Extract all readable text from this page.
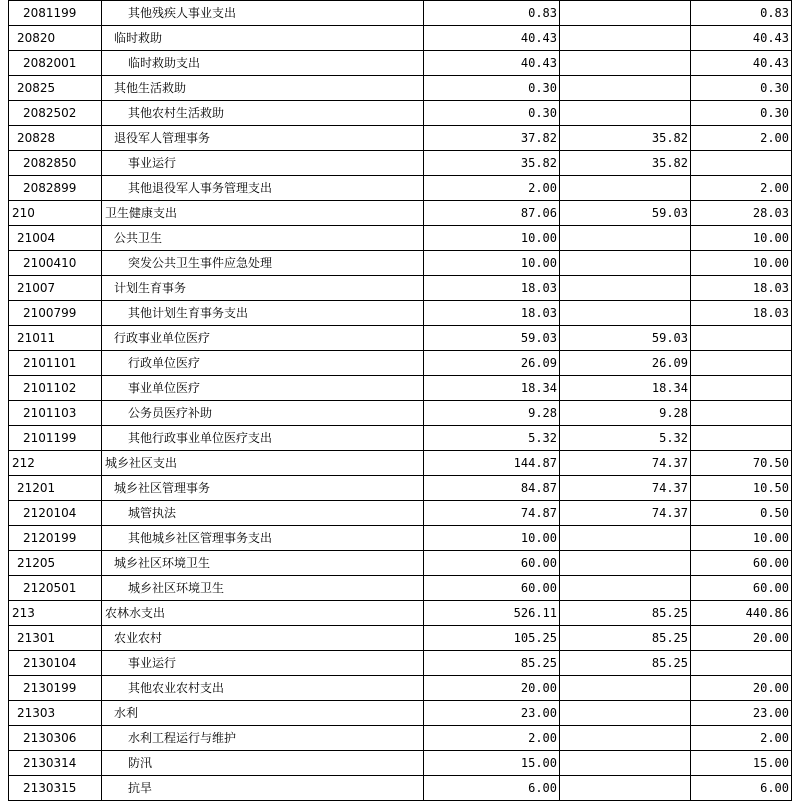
2081199	其他残疾人事业支出	0.83		0.83
20820	临时救助	40.43		40.43
2082001	临时救助支出	40.43		40.43
20825	其他生活救助	0.30		0.30
2082502	其他农村生活救助	0.30		0.30
20828	退役军人管理事务	37.82	35.82	2.00
2082850	事业运行	35.82	35.82	
2082899	其他退役军人事务管理支出	2.00		2.00
210	卫生健康支出	87.06	59.03	28.03
21004	公共卫生	10.00		10.00
2100410	突发公共卫生事件应急处理	10.00		10.00
21007	计划生育事务	18.03		18.03
2100799	其他计划生育事务支出	18.03		18.03
21011	行政事业单位医疗	59.03	59.03	
2101101	行政单位医疗	26.09	26.09	
2101102	事业单位医疗	18.34	18.34	
2101103	公务员医疗补助	9.28	9.28	
2101199	其他行政事业单位医疗支出	5.32	5.32	
212	城乡社区支出	144.87	74.37	70.50
21201	城乡社区管理事务	84.87	74.37	10.50
2120104	城管执法	74.87	74.37	0.50
2120199	其他城乡社区管理事务支出	10.00		10.00
21205	城乡社区环境卫生	60.00		60.00
2120501	城乡社区环境卫生	60.00		60.00
213	农林水支出	526.11	85.25	440.86
21301	农业农村	105.25	85.25	20.00
2130104	事业运行	85.25	85.25	
2130199	其他农业农村支出	20.00		20.00
21303	水利	23.00		23.00
2130306	水利工程运行与维护	2.00		2.00
2130314	防汛	15.00		15.00
2130315	抗旱	6.00		6.00
